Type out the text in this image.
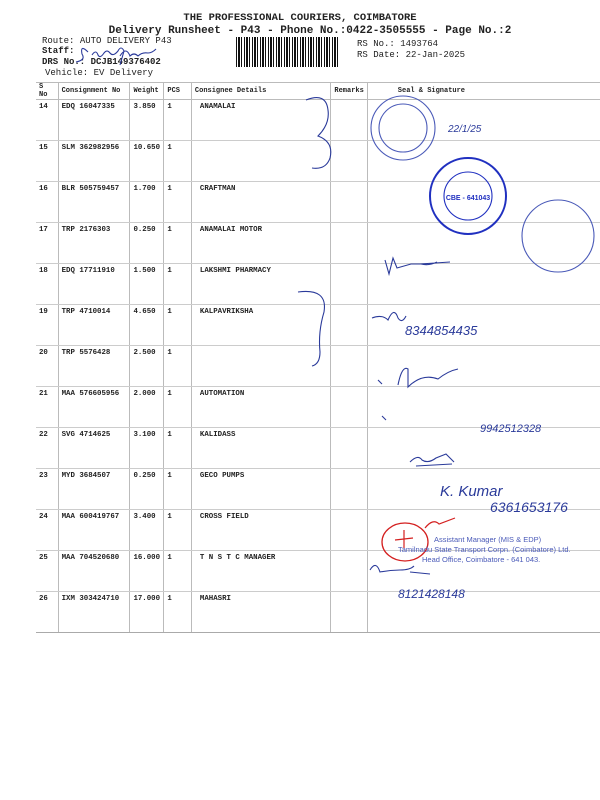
THE PROFESSIONAL COURIERS, COIMBATORE
Delivery Runsheet - P43 - Phone No.:0422-3505555 - Page No.:2
Route: AUTO DELIVERY P43
Staff:
DRS No.: DCJB149376402
Vehicle: EV Delivery
RS No.: 1493764
RS Date: 22-Jan-2025
S No	Consignment No	Weight	PCS	Consignee Details	Remarks	Seal & Signature
14	EDQ 16047335	3.850	1	ANAMALAI		
15	SLM 362982956	10.650	1			
16	BLR 505759457	1.700	1	CRAFTMAN		
17	TRP 2176303	0.250	1	ANAMALAI MOTOR		
18	EDQ 17711910	1.500	1	LAKSHMI PHARMACY		
19	TRP 4710014	4.650	1	KALPAVRIKSHA		
20	TRP 5576428	2.500	1			
21	MAA 576605956	2.000	1	AUTOMATION		
22	SVG 4714625	3.100	1	KALIDASS		
23	MYD 3684507	0.250	1	GECO PUMPS		
24	MAA 600419767	3.400	1	CROSS FIELD		
25	MAA 704520680	16.000	1	T N S T C MANAGER		
26	IXM 303424710	17.000	1	MAHASRI		
8344854435
9942512328
K. Kumar
6361653176
8121428148
22/1/25
CBE - 641043
Assistant Manager (MIS & EDP)
Tamilnadu State Transport Corpn. (Coimbatore) Ltd.
Head Office, Coimbatore - 641 043.
